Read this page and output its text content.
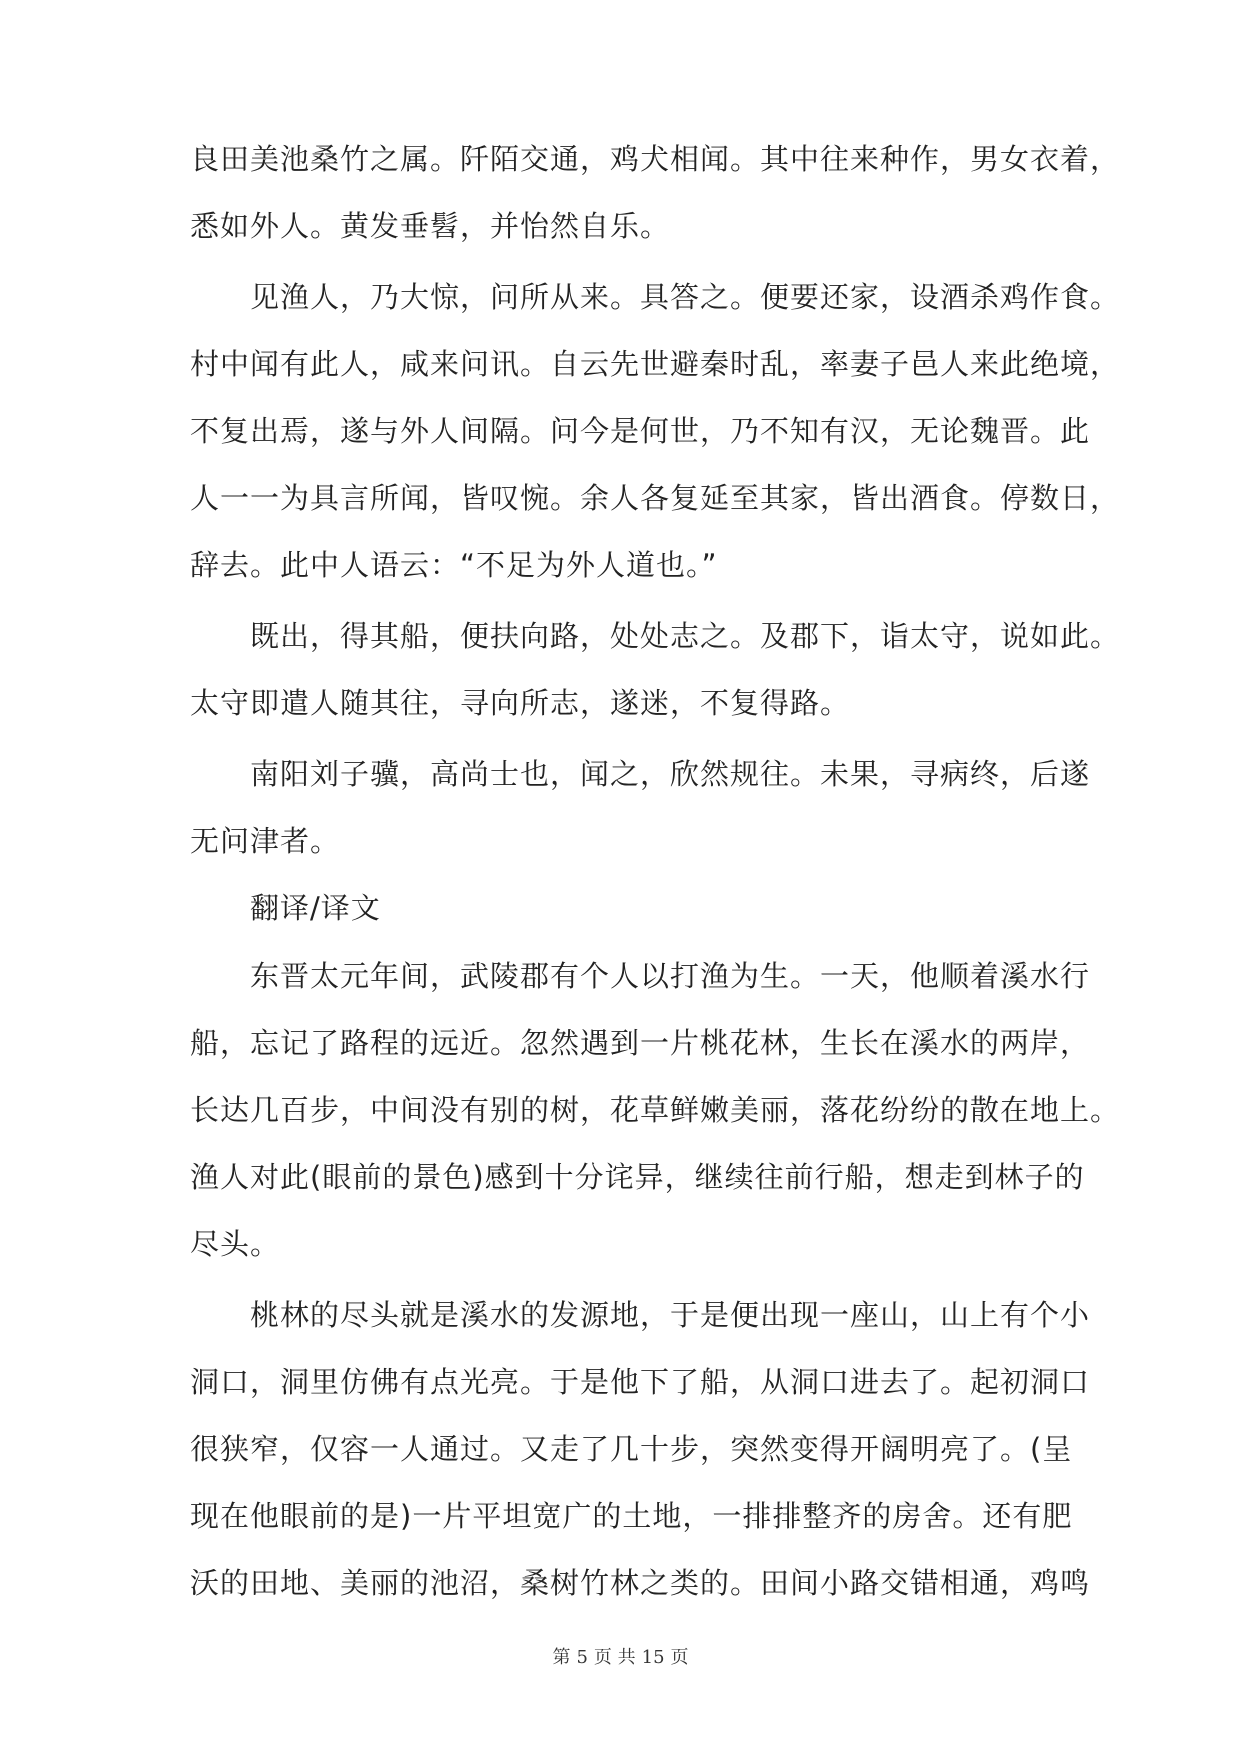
良田美池桑竹之属。阡陌交通，鸡犬相闻。其中往来种作，男女衣着，
悉如外人。黄发垂髫，并怡然自乐。
　　见渔人，乃大惊，问所从来。具答之。便要还家，设酒杀鸡作食。
村中闻有此人，咸来问讯。自云先世避秦时乱，率妻子邑人来此绝境，
不复出焉，遂与外人间隔。问今是何世，乃不知有汉，无论魏晋。此
人一一为具言所闻，皆叹惋。余人各复延至其家，皆出酒食。停数日，
辞去。此中人语云：“不足为外人道也。”
　　既出，得其船，便扶向路，处处志之。及郡下，诣太守，说如此。
太守即遣人随其往，寻向所志，遂迷，不复得路。
　　南阳刘子骥，高尚士也，闻之，欣然规往。未果，寻病终，后遂
无问津者。
　　翻译/译文
　　东晋太元年间，武陵郡有个人以打渔为生。一天，他顺着溪水行
船，忘记了路程的远近。忽然遇到一片桃花林，生长在溪水的两岸，
长达几百步，中间没有别的树，花草鲜嫩美丽，落花纷纷的散在地上。
渔人对此(眼前的景色)感到十分诧异，继续往前行船，想走到林子的
尽头。
　　桃林的尽头就是溪水的发源地，于是便出现一座山，山上有个小
洞口，洞里仿佛有点光亮。于是他下了船，从洞口进去了。起初洞口
很狭窄，仅容一人通过。又走了几十步，突然变得开阔明亮了。(呈
现在他眼前的是)一片平坦宽广的土地，一排排整齐的房舍。还有肥
沃的田地、美丽的池沼，桑树竹林之类的。田间小路交错相通，鸡鸣
第 5 页 共 15 页
